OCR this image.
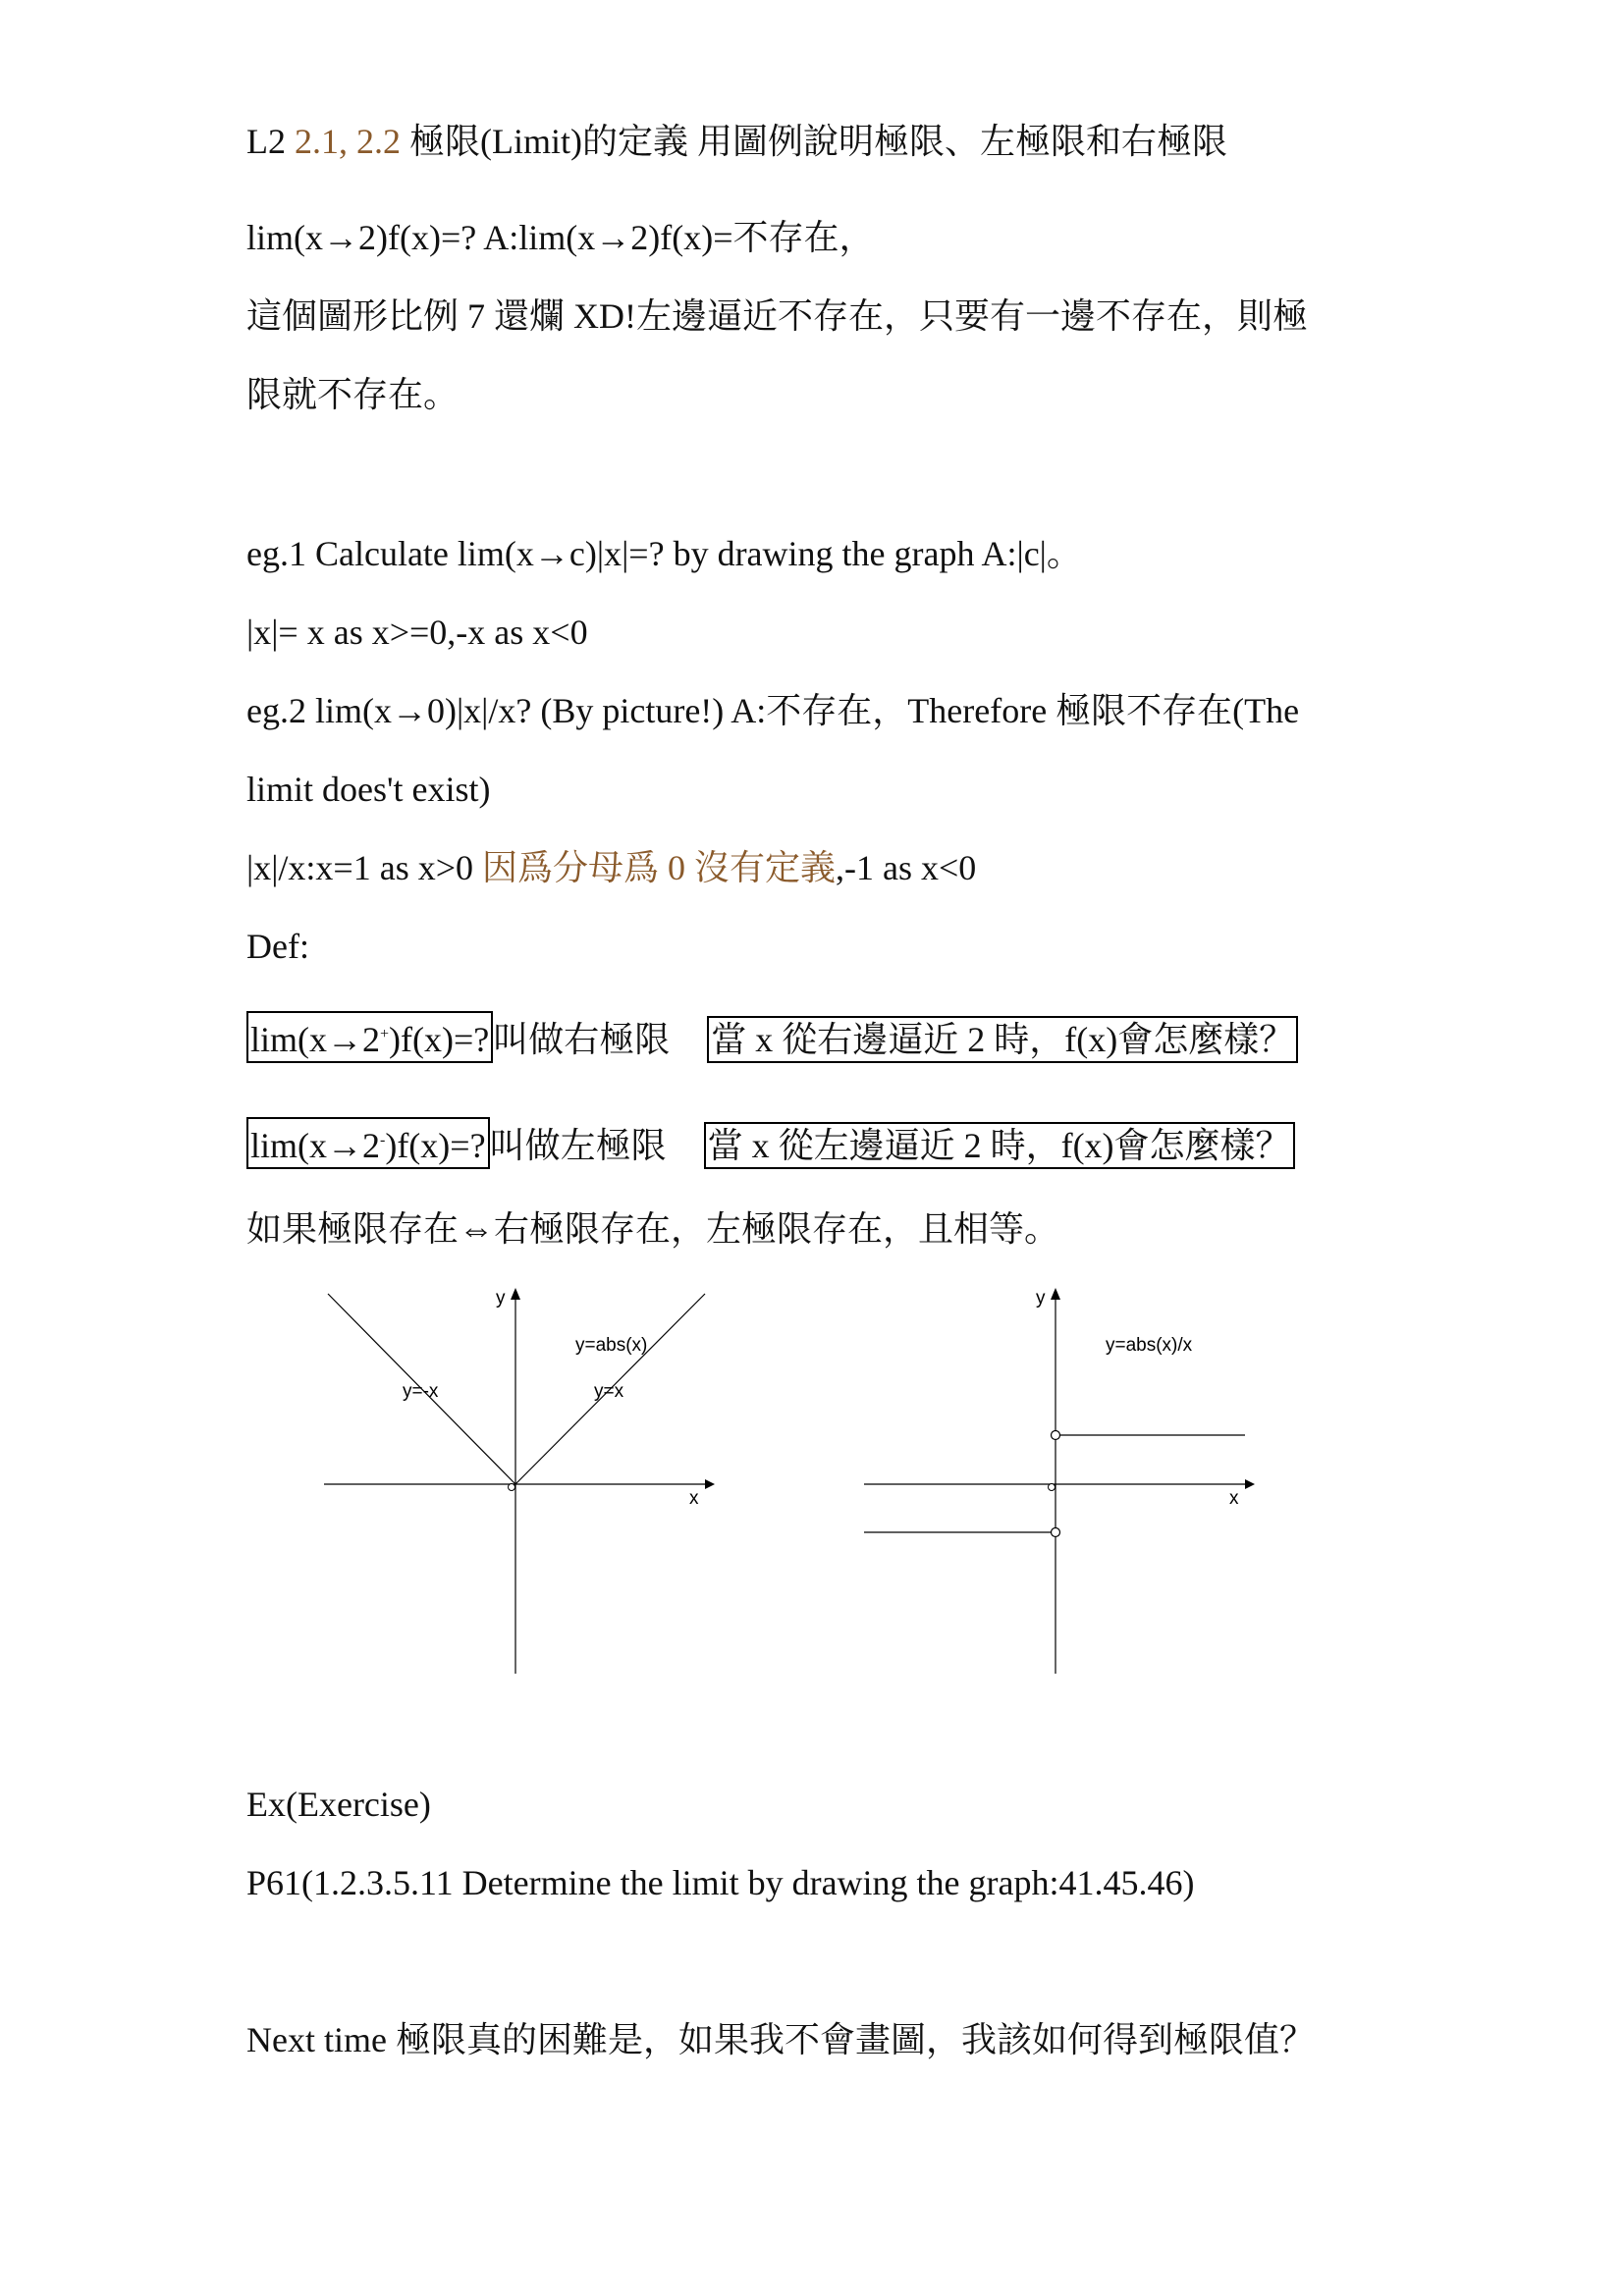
L2 2.1, 2.2 極限(Limit)的定義 用圖例說明極限、左極限和右極限
lim(x→2)f(x)=? A:lim(x→2)f(x)=不存在，
這個圖形比例 7 還爛 XD!左邊逼近不存在，只要有一邊不存在，則極
限就不存在。
eg.1 Calculate lim(x→c)|x|=? by drawing the graph A:|c|。
|x|= x as x>=0,-x as x<0
eg.2 lim(x→0)|x|/x? (By picture!) A:不存在，Therefore 極限不存在(The
limit does't exist)
|x|/x:x=1 as x>0 因爲分母爲 0 沒有定義,-1 as x<0
Def:
lim(x→2+)f(x)=? 叫做右極限 當 x 從右邊逼近 2 時，f(x)會怎麼樣？
lim(x→2-)f(x)=? 叫做左極限 當 x 從左邊逼近 2 時，f(x)會怎麼樣？
如果極限存在⇔右極限存在，左極限存在，且相等。
y
x
y=abs(x)
y=-x	y=x
y
x
y=abs(x)/x
Ex(Exercise)
P61(1.2.3.5.11 Determine the limit by drawing the graph:41.45.46)
Next time 極限真的困難是，如果我不會畫圖，我該如何得到極限值？
